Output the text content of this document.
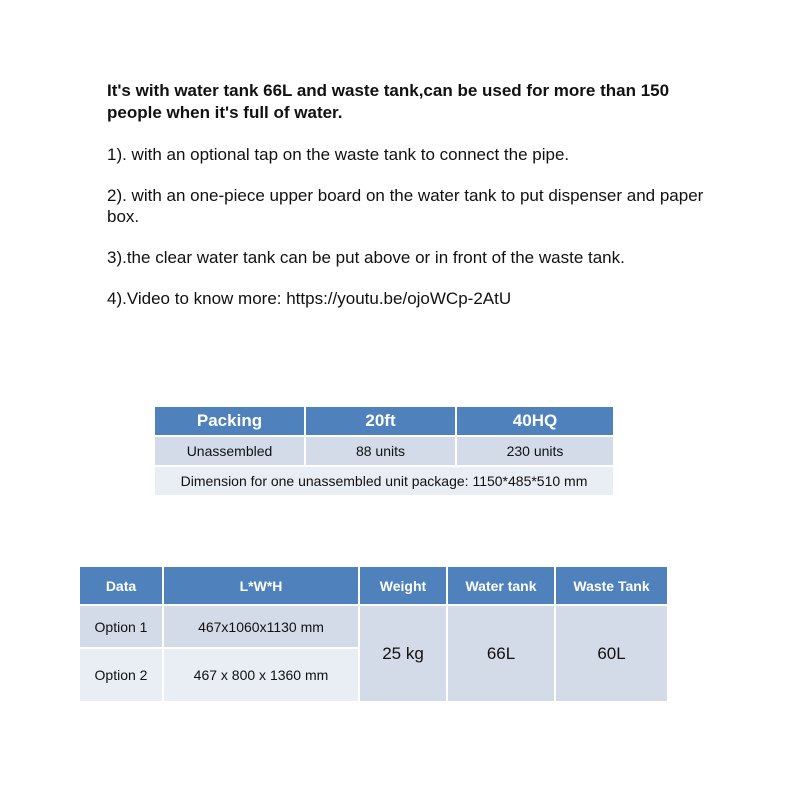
It's with water tank 66L and waste tank,can be used for more than 150 people when it's full of water.

1). with an optional tap on the waste tank to connect the pipe.

2). with an one-piece upper board on the water tank to put dispenser and paper box.

3).the clear water tank can be put above or in front of the waste tank.

4).Video to know more: https://youtu.be/ojoWCp-2AtU

Packing	20ft	40HQ
Unassembled	88 units	230 units
Dimension for one unassembled unit package: 1150*485*510 mm		
Data	L*W*H	Weight	Water tank	Waste Tank
Option 1	467x1060x1130 mm	25 kg	66L	60L
Option 2	467 x 800 x 1360 mm			
